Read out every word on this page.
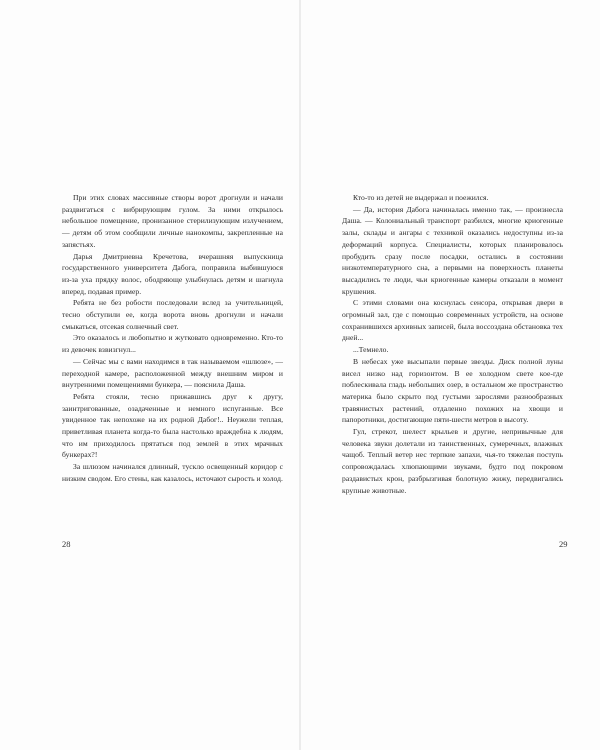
При этих словах массивные створы ворот дрогнули и начали раздвигаться с вибрирующим гулом. За ними открылось небольшое помещение, пронизанное стерилизующим излучением, — детям об этом сообщили личные нанокомпы, закрепленные на запястьях.

Дарья Дмитриевна Кречетова, вчерашняя выпускница государственного университета Дабога, поправила выбившуюся из-за уха прядку волос, ободряюще улыбнулась детям и шагнула вперед, подавая пример.

Ребята не без робости последовали вслед за учительницей, тесно обступили ее, когда ворота вновь дрогнули и начали смыкаться, отсекая солнечный свет.

Это оказалось и любопытно и жутковато одновременно. Кто-то из девочек взвизгнул...

— Сейчас мы с вами находимся в так называемом «шлюзе», — переходной камере, расположенной между внешним миром и внутренними помещениями бункера, — пояснила Даша.

Ребята стояли, тесно прижавшись друг к другу, заинтригованные, озадаченные и немного испуганные. Все увиденное так непохоже на их родной Дабог!.. Неужели теплая, приветливая планета когда-то была настолько враждебна к людям, что им приходилось прятаться под землей в этих мрачных бункерах?!

За шлюзом начинался длинный, тускло освещенный коридор с низким сводом. Его стены, как казалось, источают сырость и холод.

28

Кто-то из детей не выдержал и поежился.

— Да, история Дабога начиналась именно так, — произнесла Даша. — Колониальный транспорт разбился, многие криогенные залы, склады и ангары с техникой оказались недоступны из-за деформаций корпуса. Специалисты, которых планировалось пробудить сразу после посадки, остались в состоянии низкотемпературного сна, а первыми на поверхность планеты высадились те люди, чьи криогенные камеры отказали в момент крушения.

С этими словами она коснулась сенсора, открывая двери в огромный зал, где с помощью современных устройств, на основе сохранившихся архивных записей, была воссоздана обстановка тех дней...

...Темнело.

В небесах уже высыпали первые звезды. Диск полной луны висел низко над горизонтом. В ее холодном свете кое-где поблескивала гладь небольших озер, в остальном же пространство материка было скрыто под густыми зарослями разнообразных травянистых растений, отдаленно похожих на хвощи и папоротники, достигающие пяти-шести метров в высоту.

Гул, стрекот, шелест крыльев и другие, непривычные для человека звуки долетали из таинственных, сумеречных, влажных чащоб. Теплый ветер нес терпкие запахи, чья-то тяжелая поступь сопровождалась хлюпающими звуками, будто под покровом раздавистых крон, разбрызгивая болотную жижу, передвигались крупные животные.

29
